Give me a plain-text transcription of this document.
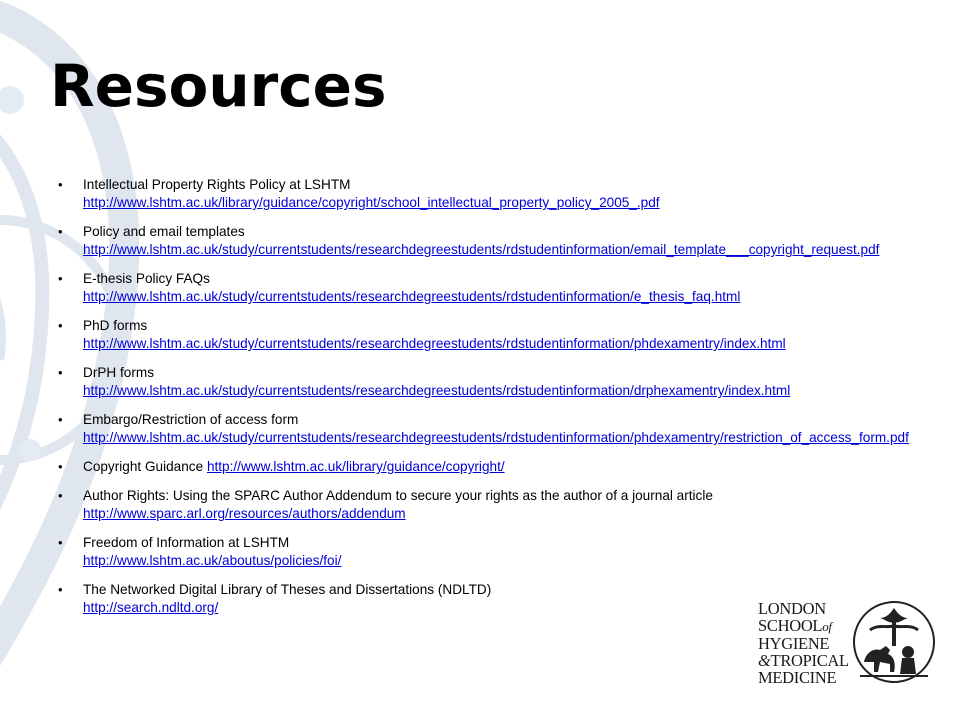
Resources
• Intellectual Property Rights Policy at LSHTM
http://www.lshtm.ac.uk/library/guidance/copyright/school_intellectual_property_policy_2005_.pdf
• Policy and email templates
http://www.lshtm.ac.uk/study/currentstudents/researchdegreestudents/rdstudentinformation/email_template___copyright_request.pdf
• E-thesis Policy FAQs
http://www.lshtm.ac.uk/study/currentstudents/researchdegreestudents/rdstudentinformation/e_thesis_faq.html
• PhD forms
http://www.lshtm.ac.uk/study/currentstudents/researchdegreestudents/rdstudentinformation/phdexamentry/index.html
• DrPH forms
http://www.lshtm.ac.uk/study/currentstudents/researchdegreestudents/rdstudentinformation/drphexamentry/index.html
• Embargo/Restriction of access form
http://www.lshtm.ac.uk/study/currentstudents/researchdegreestudents/rdstudentinformation/phdexamentry/restriction_of_access_form.pdf
• Copyright Guidance http://www.lshtm.ac.uk/library/guidance/copyright/
• Author Rights: Using the SPARC Author Addendum to secure your rights as the author of a journal article
http://www.sparc.arl.org/resources/authors/addendum
• Freedom of Information at LSHTM
http://www.lshtm.ac.uk/aboutus/policies/foi/
• The Networked Digital Library of Theses and Dissertations (NDLTD)
http://search.ndltd.org/	LONDON
SCHOOLof
HYGIENE
&TROPICAL
MEDICINE
